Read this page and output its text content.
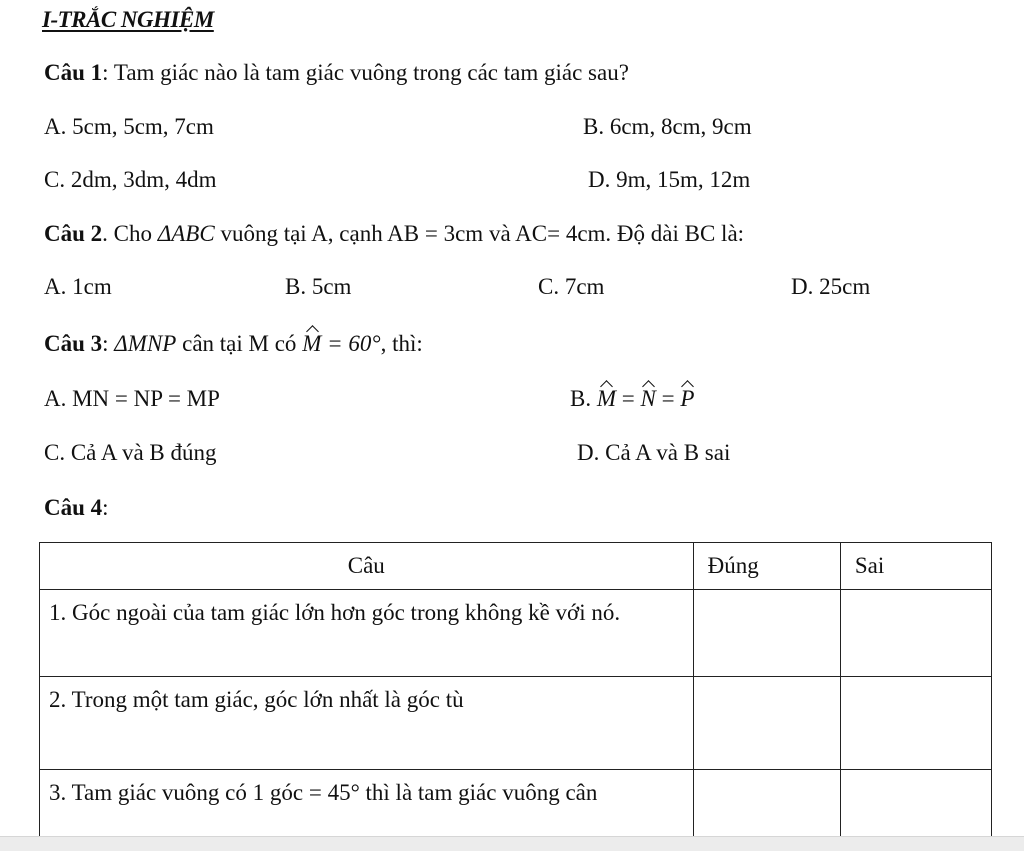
I-TRẮC NGHIỆM
Câu 1: Tam giác nào là tam giác vuông trong các tam giác sau?
A. 5cm, 5cm, 7cm	B. 6cm, 8cm, 9cm
C. 2dm, 3dm, 4dm	D. 9m, 15m, 12m
Câu 2. Cho ΔABC vuông tại A, cạnh AB = 3cm và AC= 4cm. Độ dài BC là:
A. 1cm	B. 5cm	C. 7cm	D. 25cm
Câu 3: ΔMNP cân tại M có M = 60°, thì:
A. MN = NP = MP	B. M = N = P
C. Cả A và B đúng	D. Cả A và B sai
Câu 4:
Câu	Đúng	Sai
1. Góc ngoài của tam giác lớn hơn góc trong không kề với nó.		
2. Trong một tam giác, góc lớn nhất là góc tù		
3. Tam giác vuông có 1 góc = 45° thì là tam giác vuông cân		
